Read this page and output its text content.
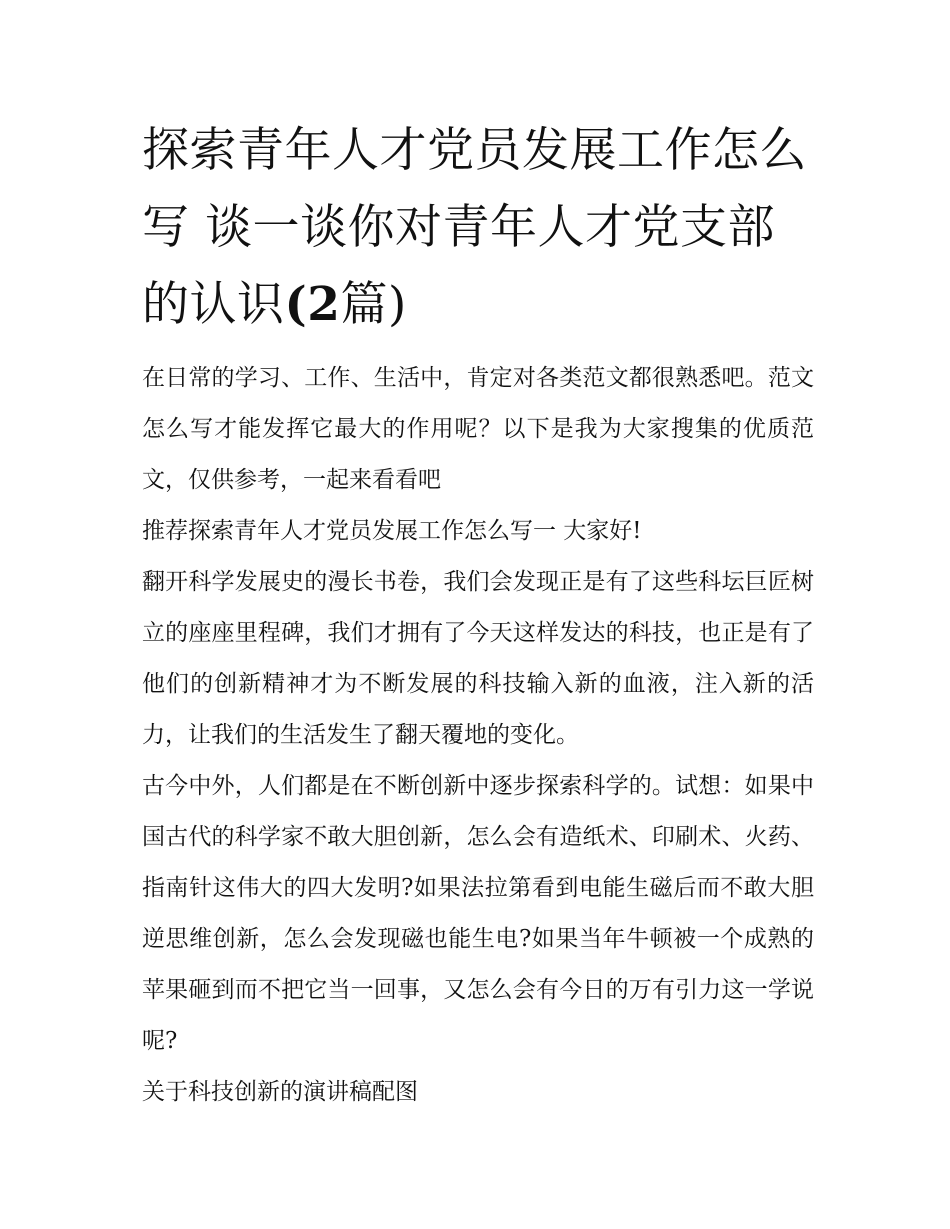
探索青年人才党员发展工作怎么写 谈一谈你对青年人才党支部的认识(2篇)

在日常的学习、工作、生活中，肯定对各类范文都很熟悉吧。范文怎么写才能发挥它最大的作用呢？以下是我为大家搜集的优质范文，仅供参考，一起来看看吧

推荐探索青年人才党员发展工作怎么写一 大家好!

翻开科学发展史的漫长书卷，我们会发现正是有了这些科坛巨匠树立的座座里程碑，我们才拥有了今天这样发达的科技，也正是有了他们的创新精神才为不断发展的科技输入新的血液，注入新的活力，让我们的生活发生了翻天覆地的变化。

古今中外，人们都是在不断创新中逐步探索科学的。试想：如果中国古代的科学家不敢大胆创新，怎么会有造纸术、印刷术、火药、指南针这伟大的四大发明?如果法拉第看到电能生磁后而不敢大胆逆思维创新，怎么会发现磁也能生电?如果当年牛顿被一个成熟的苹果砸到而不把它当一回事，又怎么会有今日的万有引力这一学说呢?

关于科技创新的演讲稿配图
